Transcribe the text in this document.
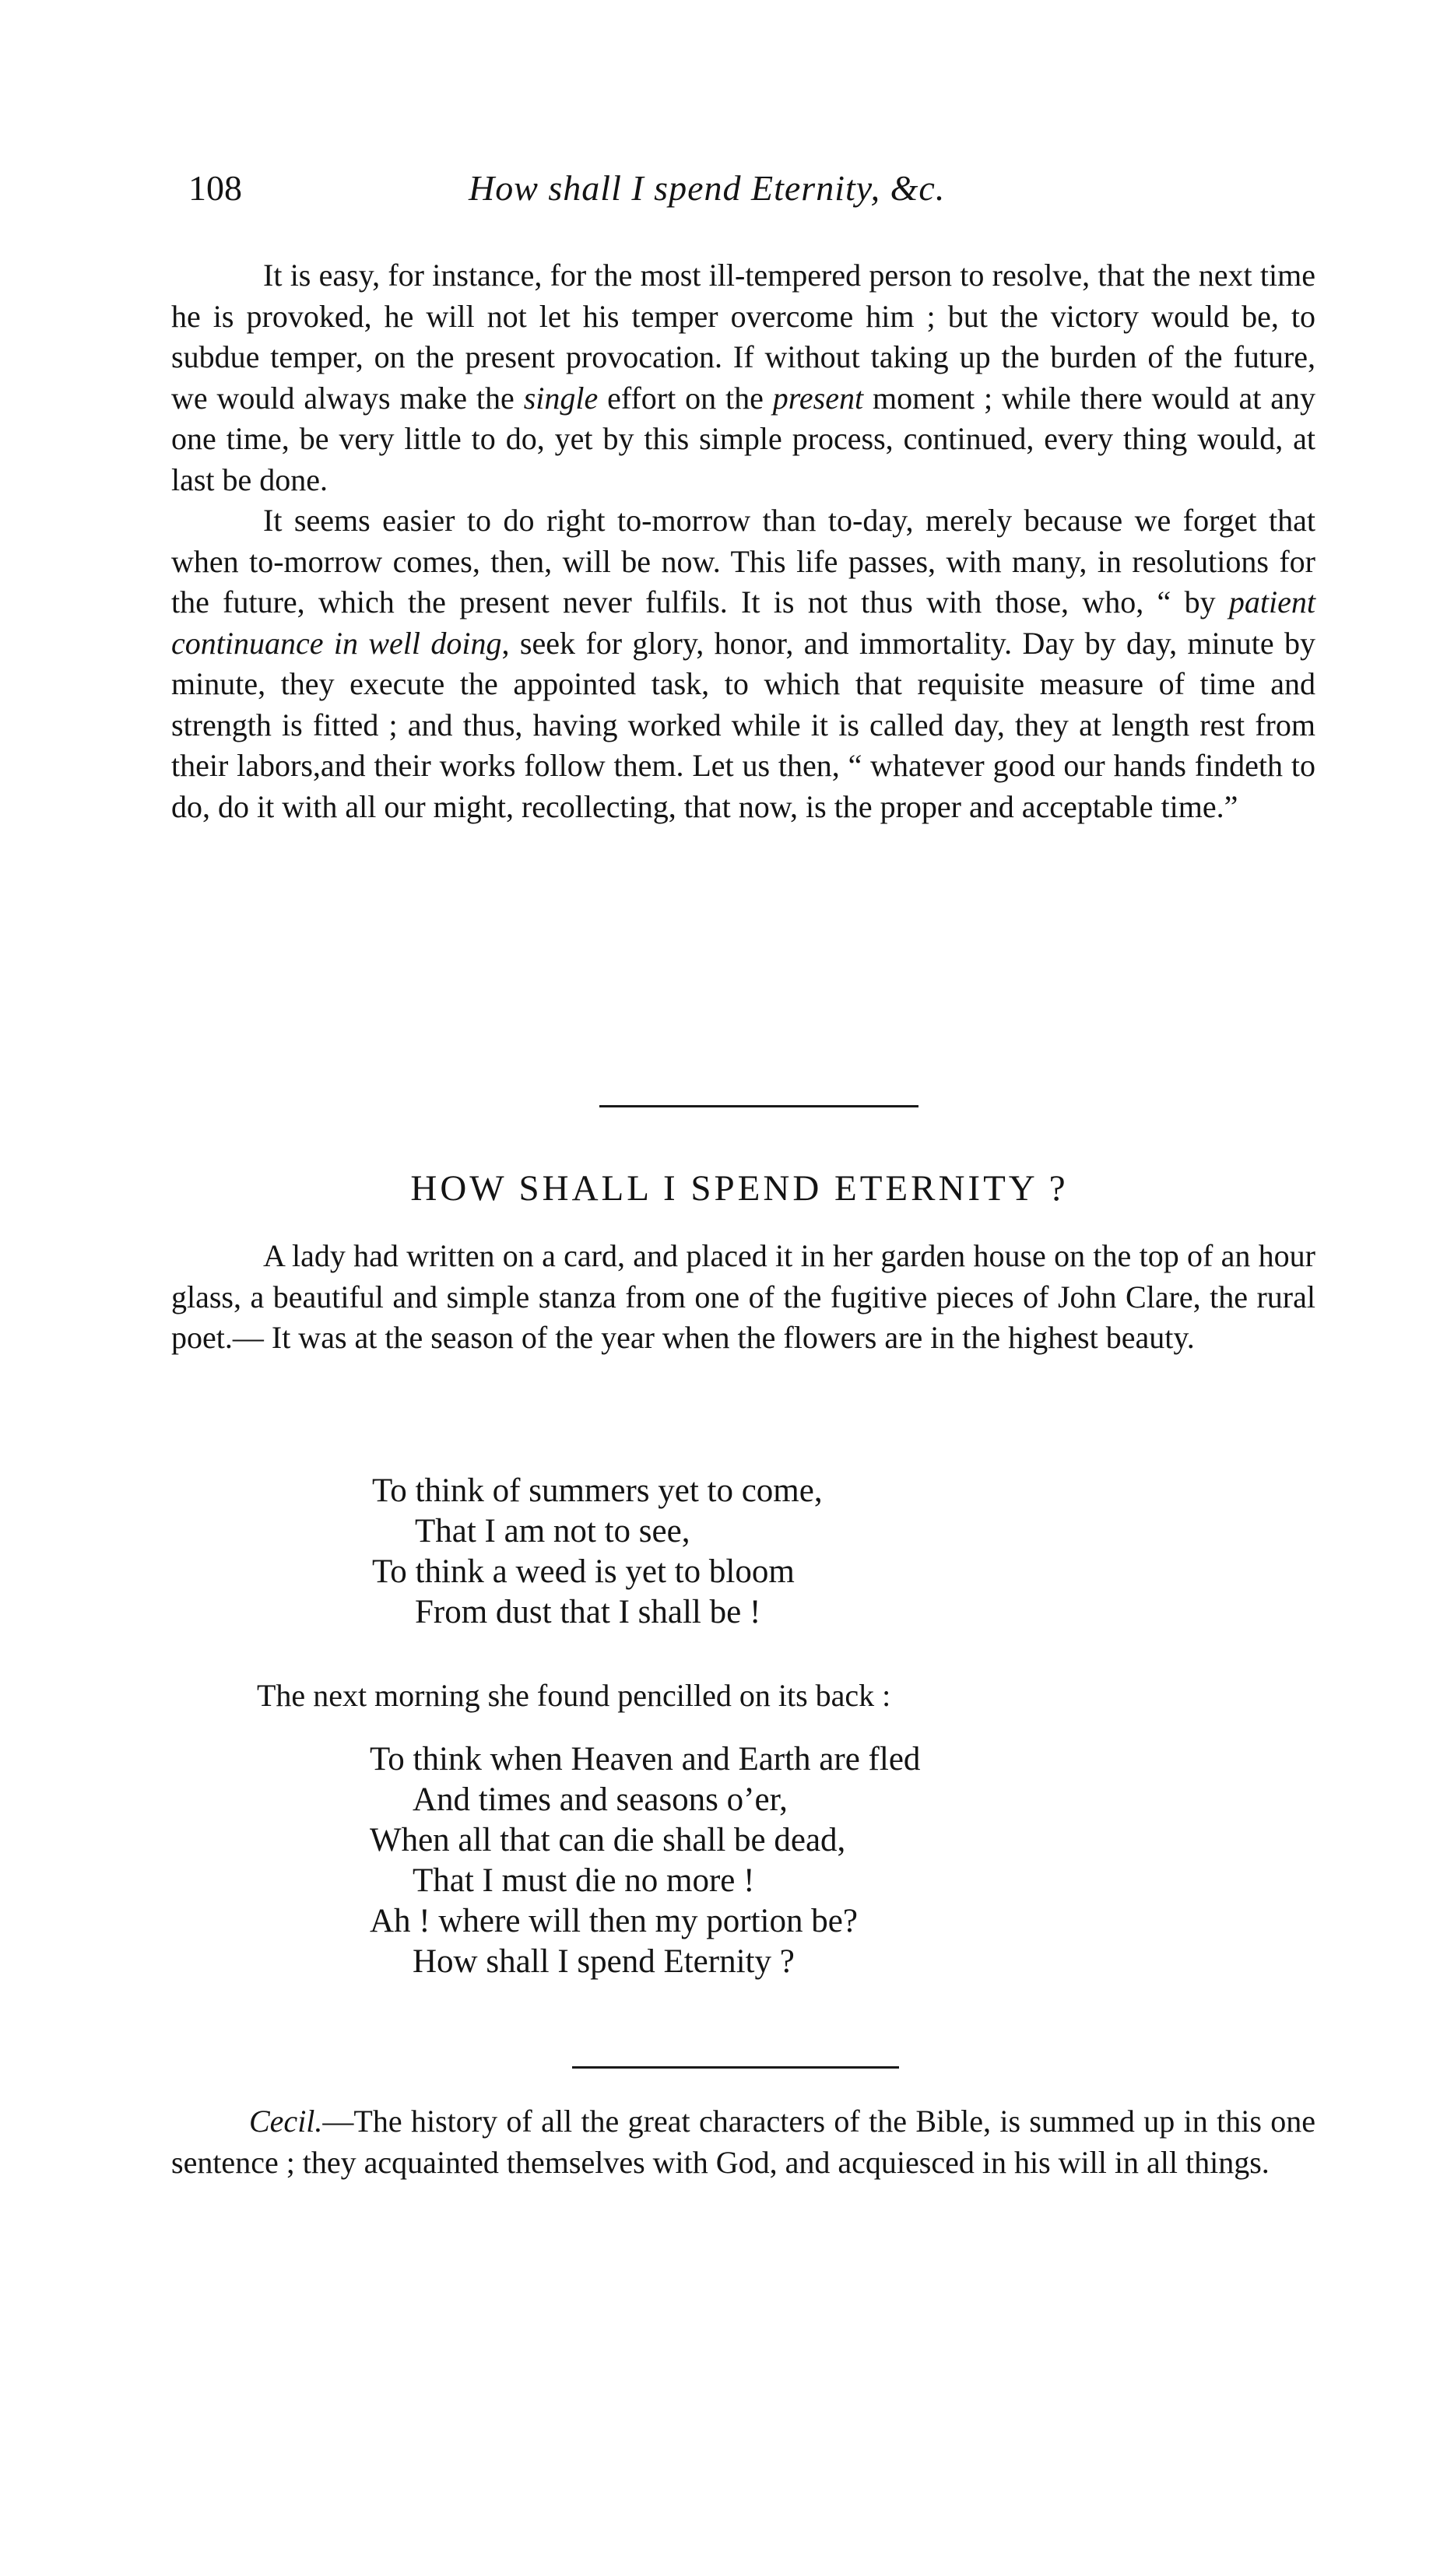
108	How shall I spend Eternity, &c.

It is easy, for instance, for the most ill-tempered person to resolve, that the next time he is provoked, he will not let his temper overcome him ; but the victory would be, to subdue temper, on the present provocation. If without taking up the burden of the future, we would always make the single effort on the present moment ; while there would at any one time, be very little to do, yet by this simple process, continued, every thing would, at last be done.

It seems easier to do right to-morrow than to-day, merely because we forget that when to-morrow comes, then, will be now. This life passes, with many, in resolutions for the future, which the present never fulfils. It is not thus with those, who, “ by patient continuance in well doing, seek for glory, honor, and immortality. Day by day, minute by minute, they execute the appointed task, to which that requisite measure of time and strength is fitted ; and thus, having worked while it is called day, they at length rest from their labors,and their works follow them. Let us then, “ whatever good our hands findeth to do, do it with all our might, recollecting, that now, is the proper and acceptable time.”

HOW SHALL I SPEND ETERNITY ?

A lady had written on a card, and placed it in her garden house on the top of an hour glass, a beautiful and simple stanza from one of the fugitive pieces of John Clare, the rural poet.— It was at the season of the year when the flowers are in the highest beauty.

To think of summers yet to come,
That I am not to see,
To think a weed is yet to bloom
From dust that I shall be !
The next morning she found pencilled on its back :
To think when Heaven and Earth are fled
And times and seasons o’er,
When all that can die shall be dead,
That I must die no more !
Ah ! where will then my portion be?
How shall I spend Eternity ?

Cecil.—The history of all the great characters of the Bible, is summed up in this one sentence ; they acquainted themselves with God, and acquiesced in his will in all things.
